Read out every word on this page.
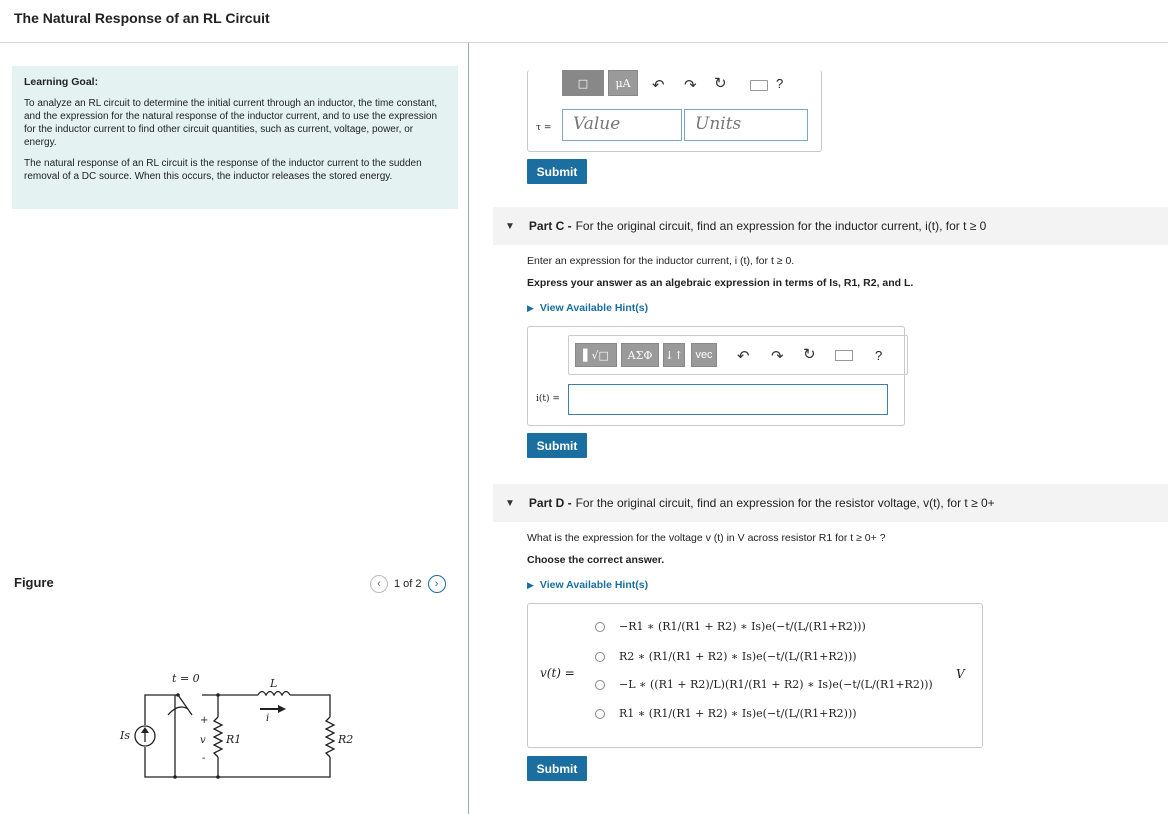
The Natural Response of an RL Circuit
Learning Goal:

To analyze an RL circuit to determine the initial current through an inductor, the time constant, and the expression for the natural response of the inductor current, and to use the expression for the inductor current to find other circuit quantities, such as current, voltage, power, or energy.

The natural response of an RL circuit is the response of the inductor current to the sudden removal of a DC source. When this occurs, the inductor releases the stored energy.

Figure	‹	1 of 2	›
t = 0	L
i
Is	v
+
-
R1	R2
□	μA	↶ ↷ ↻	?
τ =	Value	Units
Submit
▼ Part C - For the original circuit, find an expression for the inductor current, i(t), for t ≥ 0
Enter an expression for the inductor current, i (t), for t ≥ 0.
Express your answer as an algebraic expression in terms of Is, R1, R2, and L.
▶ View Available Hint(s)
▌√□	ΑΣΦ	↓↑	vec ↶ ↷ ↻	?
i(t) =
Submit
▼ Part D - For the original circuit, find an expression for the resistor voltage, v(t), for t ≥ 0+
What is the expression for the voltage v (t) in V across resistor R1 for t ≥ 0+ ?
Choose the correct answer.
▶ View Available Hint(s)
v(t) =
−R1 ∗ (R1/(R1 + R2) ∗ Is)e(−t/(L/(R1+R2)))
R2 ∗ (R1/(R1 + R2) ∗ Is)e(−t/(L/(R1+R2)))
−L ∗ ((R1 + R2)/L)(R1/(R1 + R2) ∗ Is)e(−t/(L/(R1+R2)))
R1 ∗ (R1/(R1 + R2) ∗ Is)e(−t/(L/(R1+R2)))
V
Submit
